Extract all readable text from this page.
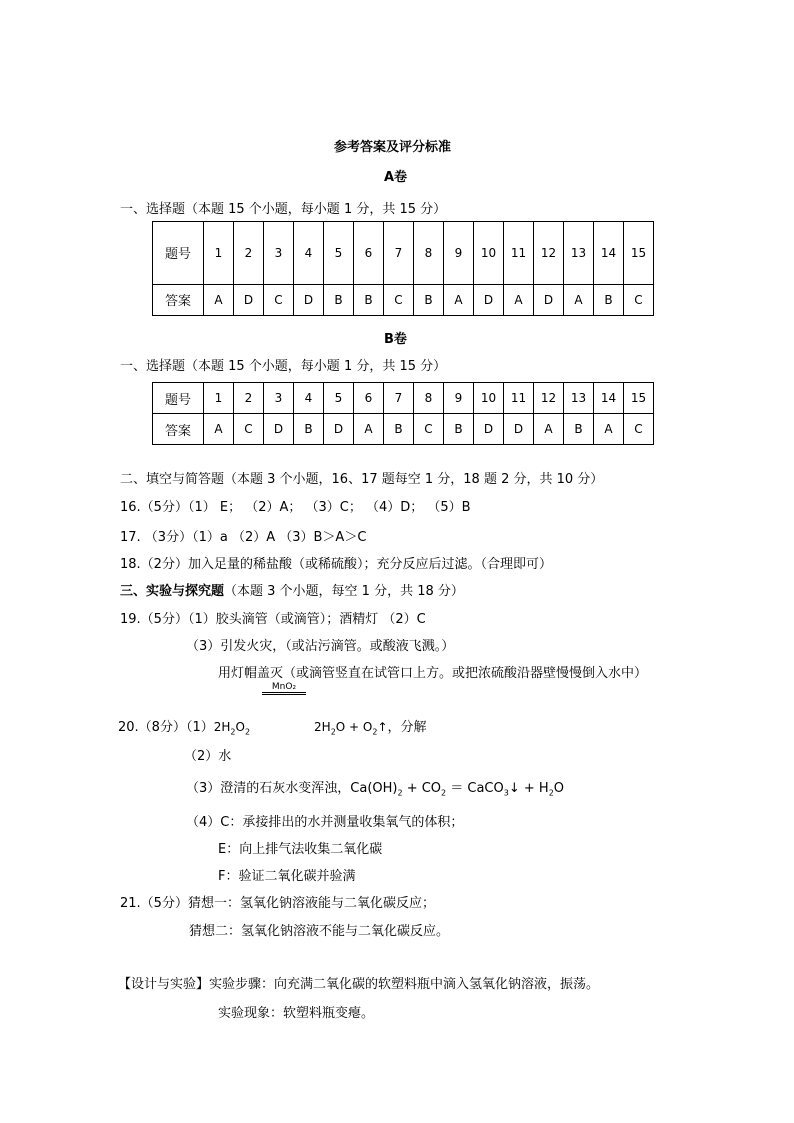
参考答案及评分标准
A卷
一、选择题（本题 15 个小题，每小题 1 分，共 15 分）
题号	1	2	3	4	5	6	7	8	9	10	11	12	13	14	15
答案	A	D	C	D	B	B	C	B	A	D	A	D	A	B	C
B卷
一、选择题（本题 15 个小题，每小题 1 分，共 15 分）
题号	1	2	3	4	5	6	7	8	9	10	11	12	13	14	15
答案	A	C	D	B	D	A	B	C	B	D	D	A	B	A	C
二、填空与简答题（本题 3 个小题，16、17 题每空 1 分，18 题 2 分，共 10 分）
16.（5分）（1） E； （2）A； （3）C； （4）D； （5）B
17. （3分）（1）a （2）A （3）B＞A＞C
18.（2分）加入足量的稀盐酸（或稀硫酸）；充分反应后过滤。（合理即可）
三、实验与探究题（本题 3 个小题，每空 1 分，共 18 分）
19.（5分）（1）胶头滴管（或滴管）；酒精灯 （2）C
（3）引发火灾，（或沾污滴管。或酸液飞溅。）
用灯帽盖灭（或滴管竖直在试管口上方。或把浓硫酸沿器壁慢慢倒入水中）
MnO₂
20.（8分）$(1)2H_2O_2$	$2H_2O$ + $O_2↑$，分解
（2）水
（3）澄清的石灰水变浑浊，$Ca(OH)_2 + CO_2$ ＝ CaCO$_3$↓ + $H_2O$
（4）C：承接排出的水并测量收集氧气的体积；
E：向上排气法收集二氧化碳
F：验证二氧化碳并验满
21.（5分）猜想一：氢氧化钠溶液能与二氧化碳反应；
猜想二：氢氧化钠溶液不能与二氧化碳反应。
【设计与实验】实验步骤：向充满二氧化碳的软塑料瓶中滴入氢氧化钠溶液，振荡。
实验现象：软塑料瓶变瘪。
